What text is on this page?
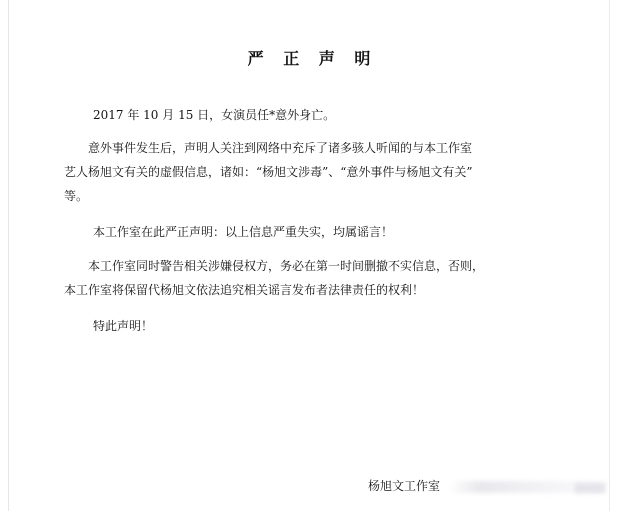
严 正 声 明

2017 年 10 月 15 日，女演员任*意外身亡。

　　意外事件发生后，声明人关注到网络中充斥了诸多骇人听闻的与本工作室
艺人杨旭文有关的虚假信息，诸如：“杨旭文涉毒”、“意外事件与杨旭文有关”
等。

本工作室在此严正声明：以上信息严重失实，均属谣言！

　　本工作室同时警告相关涉嫌侵权方，务必在第一时间删撤不实信息，否则，
本工作室将保留代杨旭文依法追究相关谣言发布者法律责任的权利！

特此声明！

杨旭文工作室
